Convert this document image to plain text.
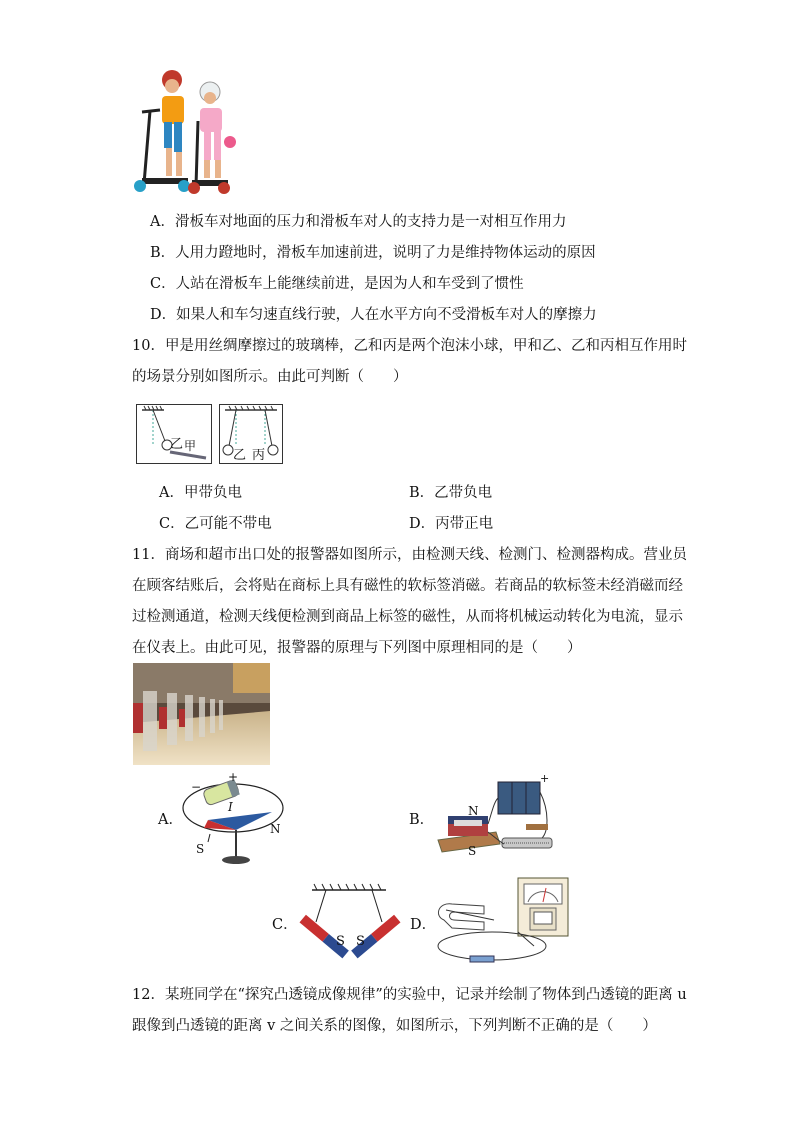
A．滑板车对地面的压力和滑板车对人的支持力是一对相互作用力
B．人用力蹬地时，滑板车加速前进，说明了力是维持物体运动的原因
C．人站在滑板车上能继续前进，是因为人和车受到了惯性
D．如果人和车匀速直线行驶，人在水平方向不受滑板车对人的摩擦力
10．甲是用丝绸摩擦过的玻璃棒，乙和丙是两个泡沫小球，甲和乙、乙和丙相互作用时
的场景分别如图所示。由此可判断（　　）
乙 甲
乙 丙
A．甲带负电	B．乙带负电
C．乙可能不带电	D．丙带正电
11．商场和超市出口处的报警器如图所示，由检测天线、检测门、检测器构成。营业员
在顾客结账后，会将贴在商标上具有磁性的软标签消磁。若商品的软标签未经消磁而经
过检测通道，检测天线便检测到商品上标签的磁性，从而将机械运动转化为电流，显示
在仪表上。由此可见，报警器的原理与下列图中原理相同的是（　　）
A．
+
−
I
N
S
B．
N
S
+
C．
S S
D．
12．某班同学在“探究凸透镜成像规律”的实验中，记录并绘制了物体到凸透镜的距离 u
跟像到凸透镜的距离 v 之间关系的图像，如图所示，下列判断不正确的是（　　）
